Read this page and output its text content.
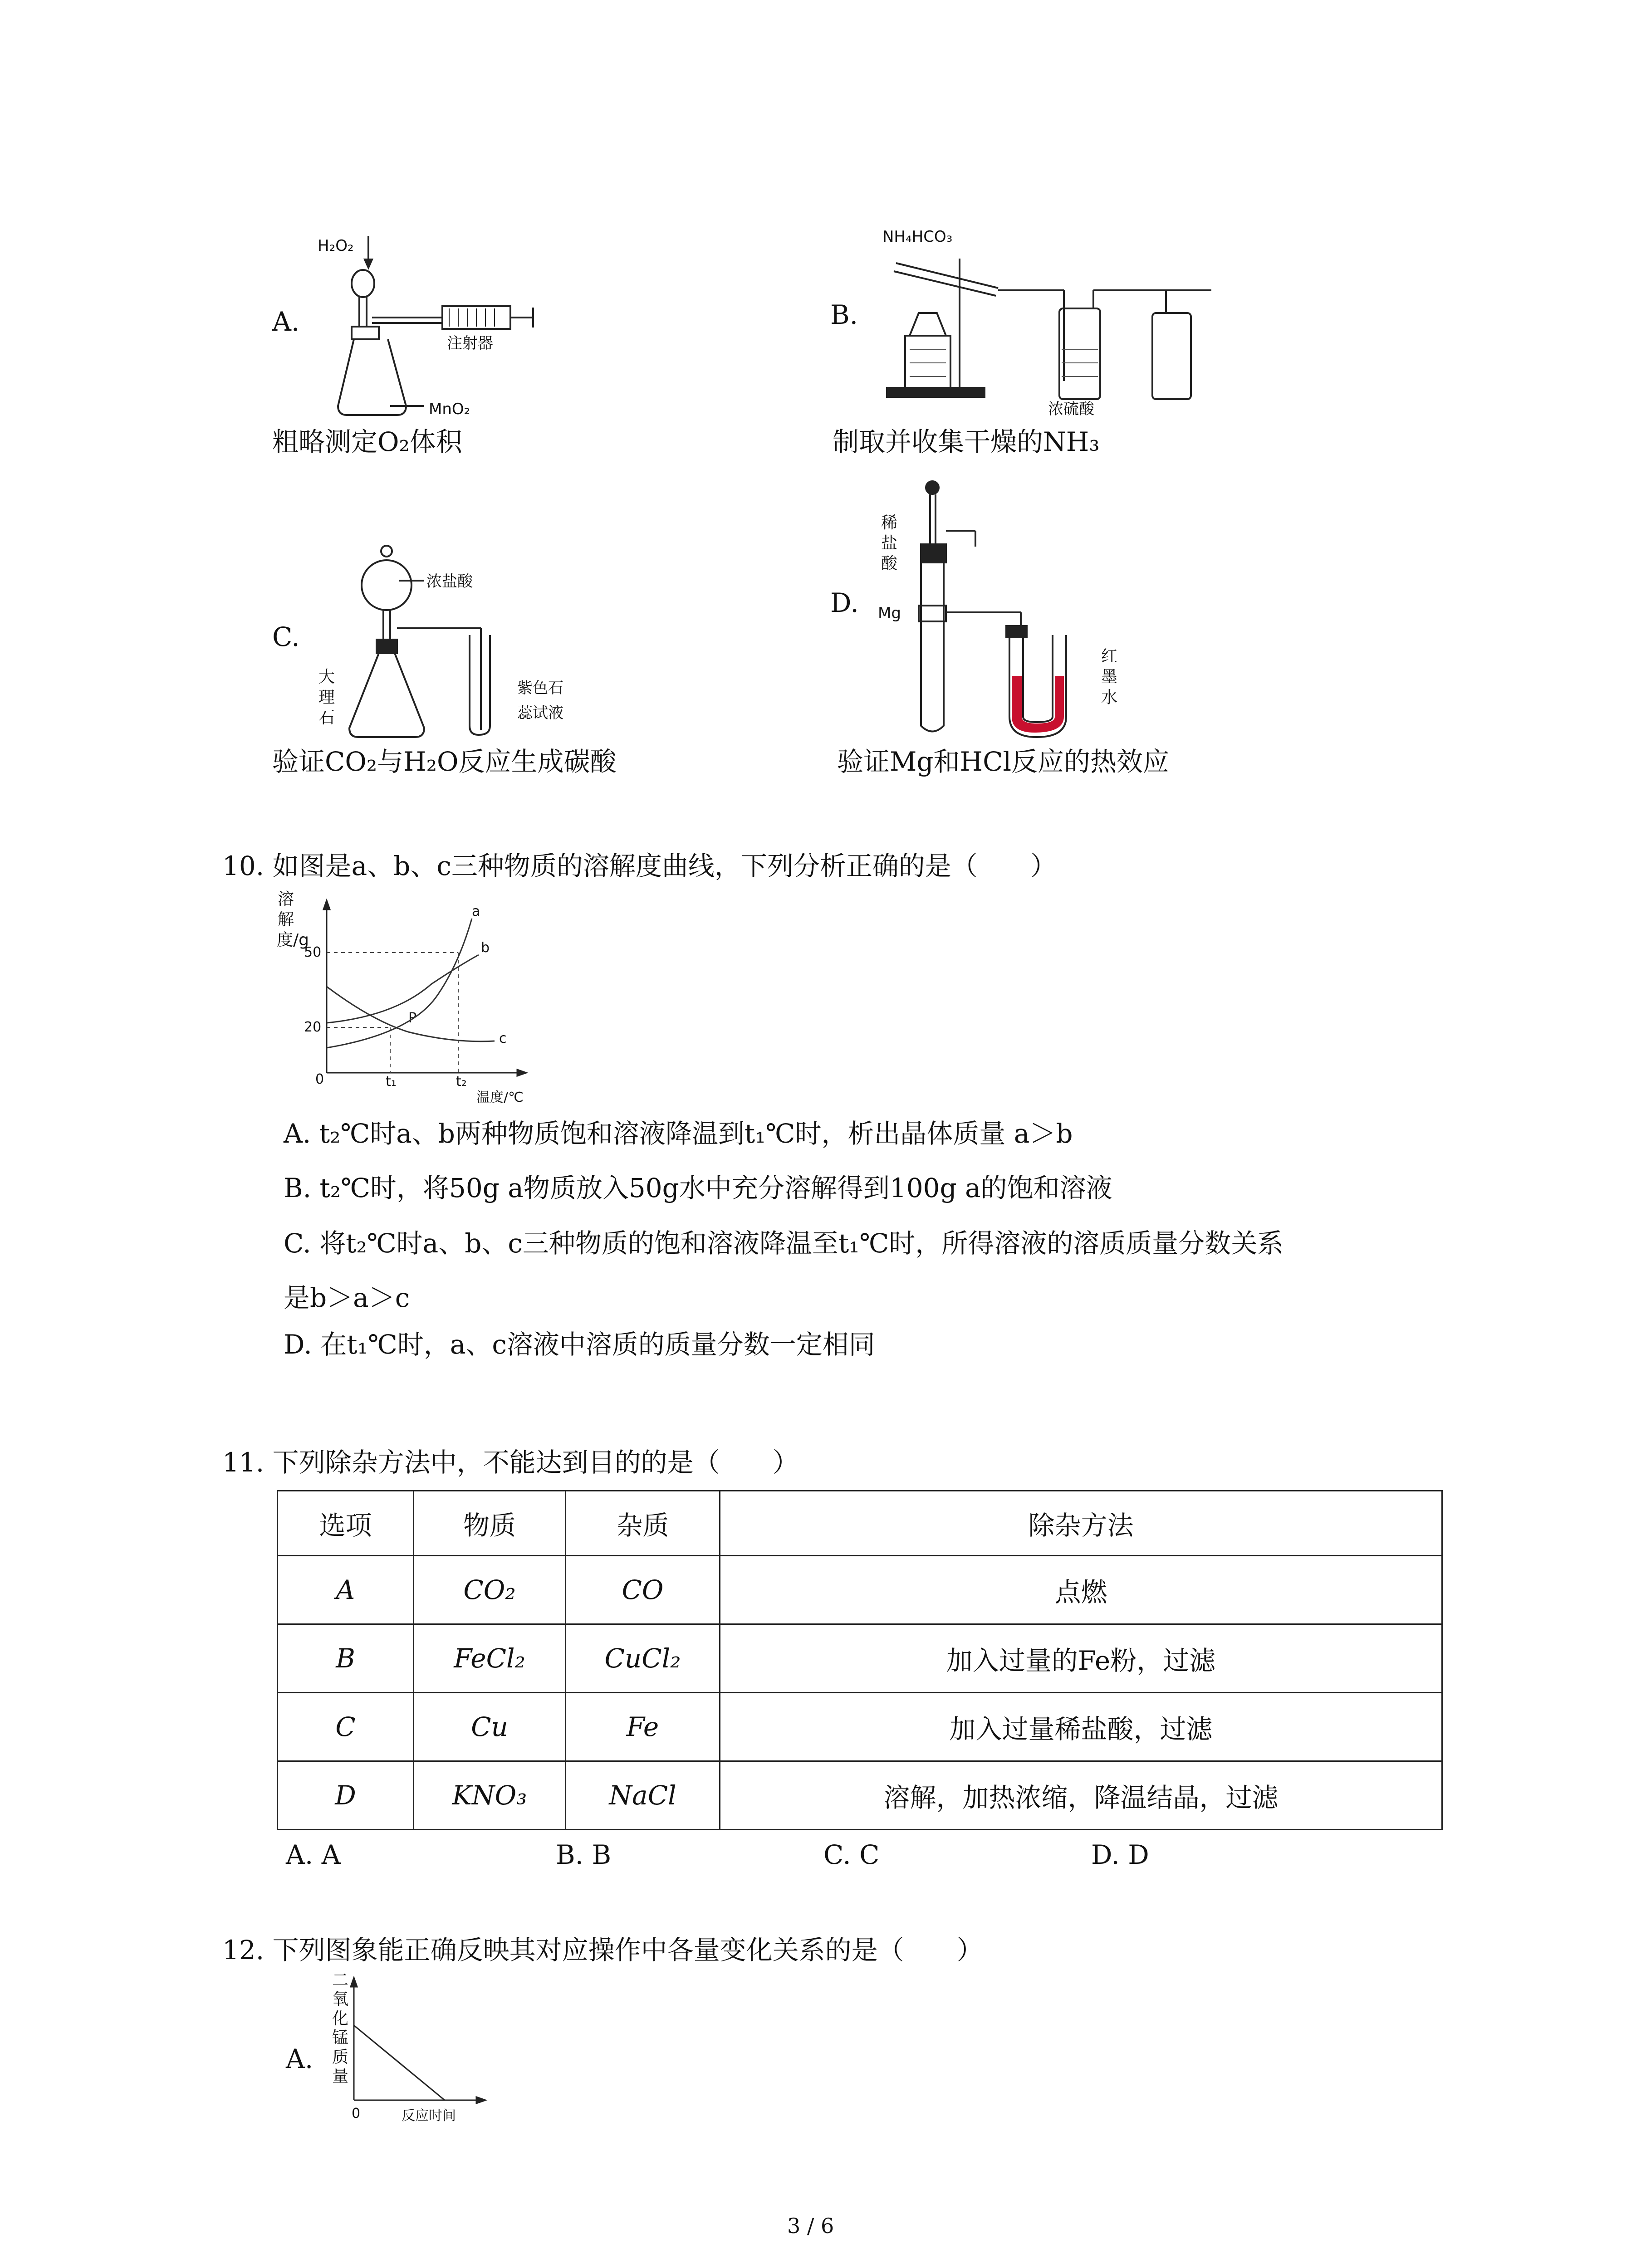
A.
H₂O₂
注射器
MnO₂
粗略测定O₂体积
B.
NH₄HCO₃
浓硫酸
制取并收集干燥的NH₃
C.
浓盐酸
大理石
紫色石
蕊试液
验证CO₂与H₂O反应生成碳酸
D.
稀盐酸
Mg
红墨水
验证Mg和HCl反应的热效应
10. 如图是a、b、c三种物质的溶解度曲线，下列分析正确的是（　　）
溶解度/g
50
20
0	t₁	t₂
温度/℃
a
b
c
P
A. t₂℃时a、b两种物质饱和溶液降温到t₁℃时，析出晶体质量 a＞b
B. t₂℃时，将50g a物质放入50g水中充分溶解得到100g a的饱和溶液
C. 将t₂℃时a、b、c三种物质的饱和溶液降温至t₁℃时，所得溶液的溶质质量分数关系
是b＞a＞c
D. 在t₁℃时，a、c溶液中溶质的质量分数一定相同
11. 下列除杂方法中，不能达到目的的是（　　）
选项	物质	杂质	除杂方法
A	CO₂	CO	点燃
B	FeCl₂	CuCl₂	加入过量的Fe粉，过滤
C	Cu	Fe	加入过量稀盐酸，过滤
D	KNO₃	NaCl	溶解，加热浓缩，降温结晶，过滤
A. A	B. B	C. C	D. D
12. 下列图象能正确反映其对应操作中各量变化关系的是（　　）
A.
二氧化锰质量
0	反应时间
3 / 6
